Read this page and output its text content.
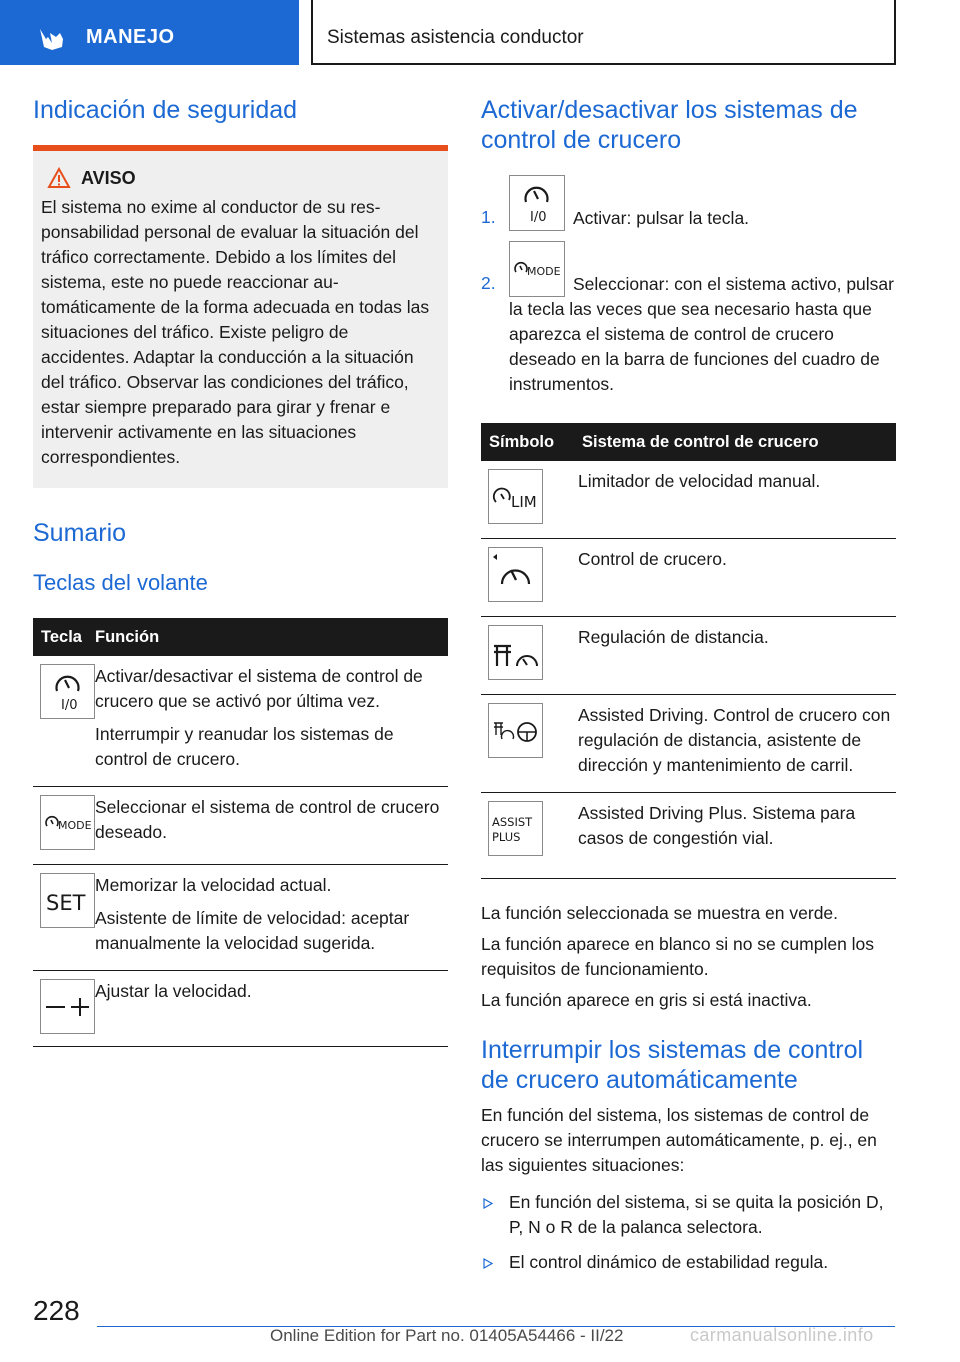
MANEJO	Sistemas asistencia conductor
Indicación de seguridad
AVISO

El sistema no exime al conductor de su responsabilidad personal de evaluar la situación del tráfico correctamente. Debido a los límites del sistema, este no puede reaccionar automáticamente de la forma adecuada en todas las situaciones del tráfico. Existe peligro de accidentes. Adaptar la conducción a la situación del tráfico. Observar las condiciones del tráfico, estar siempre preparado para girar y frenar e intervenir activamente en las situaciones correspondientes.

Sumario
Teclas del volante
Tecla	Función

I/0	Activar/desactivar el sistema de control de crucero que se activó por última vez.

Interrumpir y reanudar los sistemas de control de crucero.

MODE	Seleccionar el sistema de control de crucero deseado.

SET	Memorizar la velocidad actual.

Asistente de límite de velocidad: aceptar manualmente la velocidad sugerida.

Ajustar la velocidad.

Activar/desactivar los sistemas de control de crucero
1.	I/0 Activar: pulsar la tecla.
2.
MODE
Seleccionar: con el sistema activo, pulsar la tecla las veces que sea necesario hasta que aparezca el sistema de control de crucero deseado en la barra de funciones del cuadro de instrumentos.
Símbolo	Sistema de control de crucero

LIM	Limitador de velocidad manual.

Control de crucero.

Regulación de distancia.

Assisted Driving. Control de crucero con regulación de distancia, asistente de dirección y mantenimiento de carril.

ASSIST
PLUS	Assisted Driving Plus. Sistema para casos de congestión vial.

La función seleccionada se muestra en verde.

La función aparece en blanco si no se cumplen los requisitos de funcionamiento.

La función aparece en gris si está inactiva.

Interrumpir los sistemas de control de crucero automáticamente

En función del sistema, los sistemas de control de crucero se interrumpen automáticamente, p. ej., en las siguientes situaciones:

En función del sistema, si se quita la posición D, P, N o R de la palanca selectora.
El control dinámico de estabilidad regula.
228
Online Edition for Part no. 01405A54466 - II/22	carmanualsonline.info
